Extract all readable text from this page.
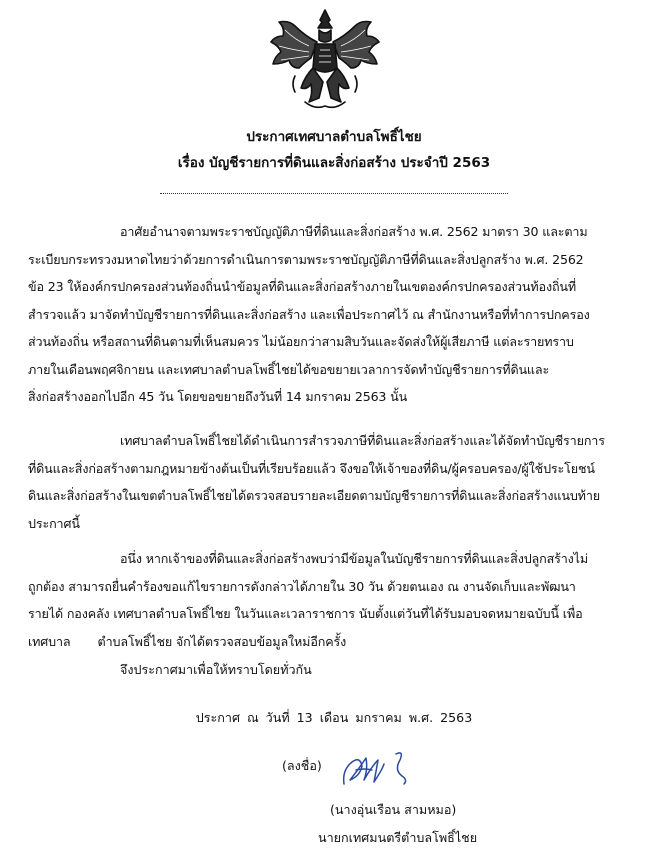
ประกาศเทศบาลตำบลโพธิ์ไชย
เรื่อง บัญชีรายการที่ดินและสิ่งก่อสร้าง ประจำปี 2563
อาศัยอำนาจตามพระราชบัญญัติภาษีที่ดินและสิ่งก่อสร้าง พ.ศ. 2562 มาตรา 30 และตาม
ระเบียบกระทรวงมหาดไทยว่าด้วยการดำเนินการตามพระราชบัญญัติภาษีที่ดินและสิ่งปลูกสร้าง พ.ศ. 2562
ข้อ 23 ให้องค์กรปกครองส่วนท้องถิ่นนำข้อมูลที่ดินและสิ่งก่อสร้างภายในเขตองค์กรปกครองส่วนท้องถิ่นที่
สำรวจแล้ว มาจัดทำบัญชีรายการที่ดินและสิ่งก่อสร้าง และเพื่อประกาศไว้ ณ สำนักงานหรือที่ทำการปกครอง
ส่วนท้องถิ่น หรือสถานที่ดินตามที่เห็นสมควร ไม่น้อยกว่าสามสิบวันและจัดส่งให้ผู้เสียภาษี แต่ละรายทราบ
ภายในเดือนพฤศจิกายน และเทศบาลตำบลโพธิ์ไชยได้ขอขยายเวลาการจัดทำบัญชีรายการที่ดินและ
สิ่งก่อสร้างออกไปอีก 45 วัน โดยขอขยายถึงวันที่ 14 มกราคม 2563 นั้น
เทศบาลตำบลโพธิ์ไชยได้ดำเนินการสำรวจภาษีที่ดินและสิ่งก่อสร้างและได้จัดทำบัญชีรายการ
ที่ดินและสิ่งก่อสร้างตามกฎหมายข้างต้นเป็นที่เรียบร้อยแล้ว จึงขอให้เจ้าของที่ดิน/ผู้ครอบครอง/ผู้ใช้ประโยชน์
ดินและสิ่งก่อสร้างในเขตตำบลโพธิ์ไชยได้ตรวจสอบรายละเอียดตามบัญชีรายการที่ดินและสิ่งก่อสร้างแนบท้าย
ประกาศนี้
อนึ่ง หากเจ้าของที่ดินและสิ่งก่อสร้างพบว่ามีข้อมูลในบัญชีรายการที่ดินและสิ่งปลูกสร้างไม่
ถูกต้อง สามารถยื่นคำร้องขอแก้ไขรายการดังกล่าวได้ภายใน 30 วัน ด้วยตนเอง ณ งานจัดเก็บและพัฒนา
รายได้ กองคลัง เทศบาลตำบลโพธิ์ไชย ในวันและเวลาราชการ นับตั้งแต่วันที่ได้รับมอบจดหมายฉบับนี้ เพื่อ
เทศบาล       ตำบลโพธิ์ไชย จักได้ตรวจสอบข้อมูลใหม่อีกครั้ง
จึงประกาศมาเพื่อให้ทราบโดยทั่วกัน
ประกาศ ณ วันที่ 13 เดือน มกราคม พ.ศ. 2563
(ลงชื่อ)
(นางอุ่นเรือน สามหมอ)
นายกเทศมนตรีตำบลโพธิ์ไชย
